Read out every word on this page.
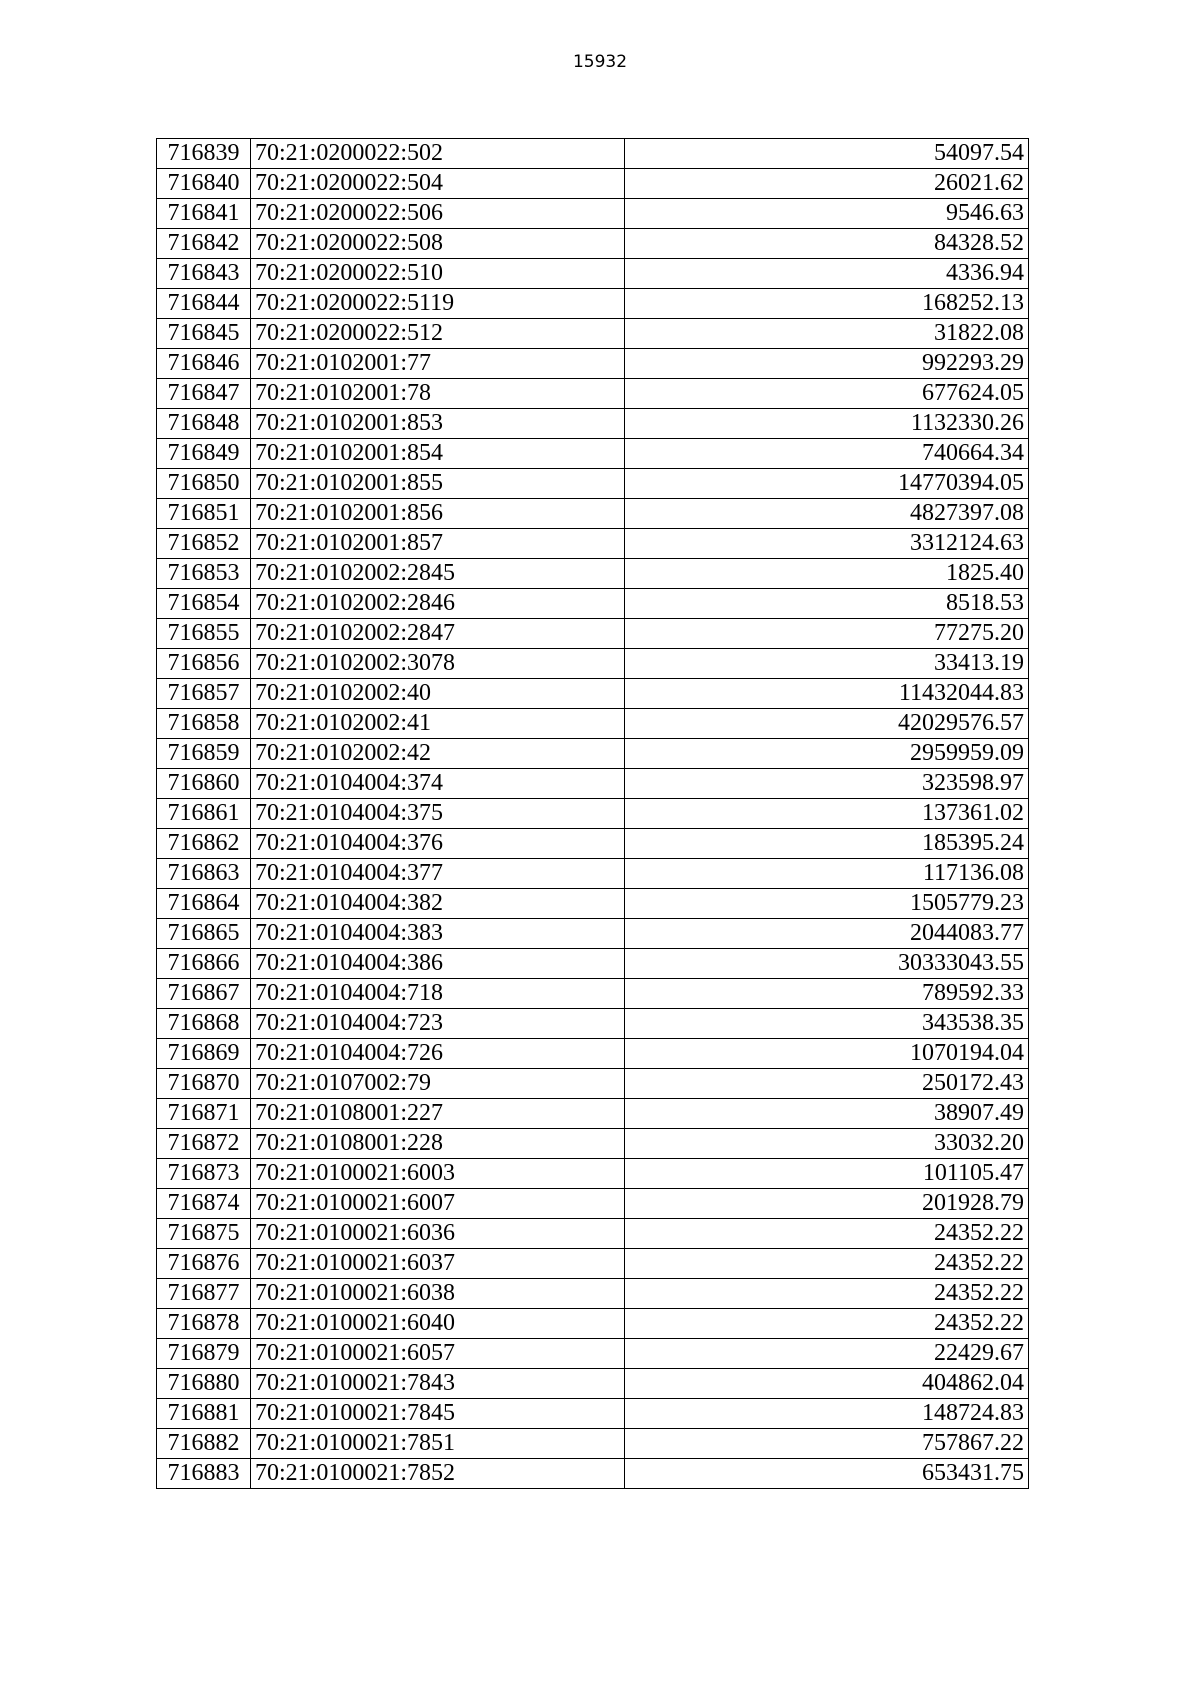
15932
716839	70:21:0200022:502	54097.54
716840	70:21:0200022:504	26021.62
716841	70:21:0200022:506	9546.63
716842	70:21:0200022:508	84328.52
716843	70:21:0200022:510	4336.94
716844	70:21:0200022:5119	168252.13
716845	70:21:0200022:512	31822.08
716846	70:21:0102001:77	992293.29
716847	70:21:0102001:78	677624.05
716848	70:21:0102001:853	1132330.26
716849	70:21:0102001:854	740664.34
716850	70:21:0102001:855	14770394.05
716851	70:21:0102001:856	4827397.08
716852	70:21:0102001:857	3312124.63
716853	70:21:0102002:2845	1825.40
716854	70:21:0102002:2846	8518.53
716855	70:21:0102002:2847	77275.20
716856	70:21:0102002:3078	33413.19
716857	70:21:0102002:40	11432044.83
716858	70:21:0102002:41	42029576.57
716859	70:21:0102002:42	2959959.09
716860	70:21:0104004:374	323598.97
716861	70:21:0104004:375	137361.02
716862	70:21:0104004:376	185395.24
716863	70:21:0104004:377	117136.08
716864	70:21:0104004:382	1505779.23
716865	70:21:0104004:383	2044083.77
716866	70:21:0104004:386	30333043.55
716867	70:21:0104004:718	789592.33
716868	70:21:0104004:723	343538.35
716869	70:21:0104004:726	1070194.04
716870	70:21:0107002:79	250172.43
716871	70:21:0108001:227	38907.49
716872	70:21:0108001:228	33032.20
716873	70:21:0100021:6003	101105.47
716874	70:21:0100021:6007	201928.79
716875	70:21:0100021:6036	24352.22
716876	70:21:0100021:6037	24352.22
716877	70:21:0100021:6038	24352.22
716878	70:21:0100021:6040	24352.22
716879	70:21:0100021:6057	22429.67
716880	70:21:0100021:7843	404862.04
716881	70:21:0100021:7845	148724.83
716882	70:21:0100021:7851	757867.22
716883	70:21:0100021:7852	653431.75
